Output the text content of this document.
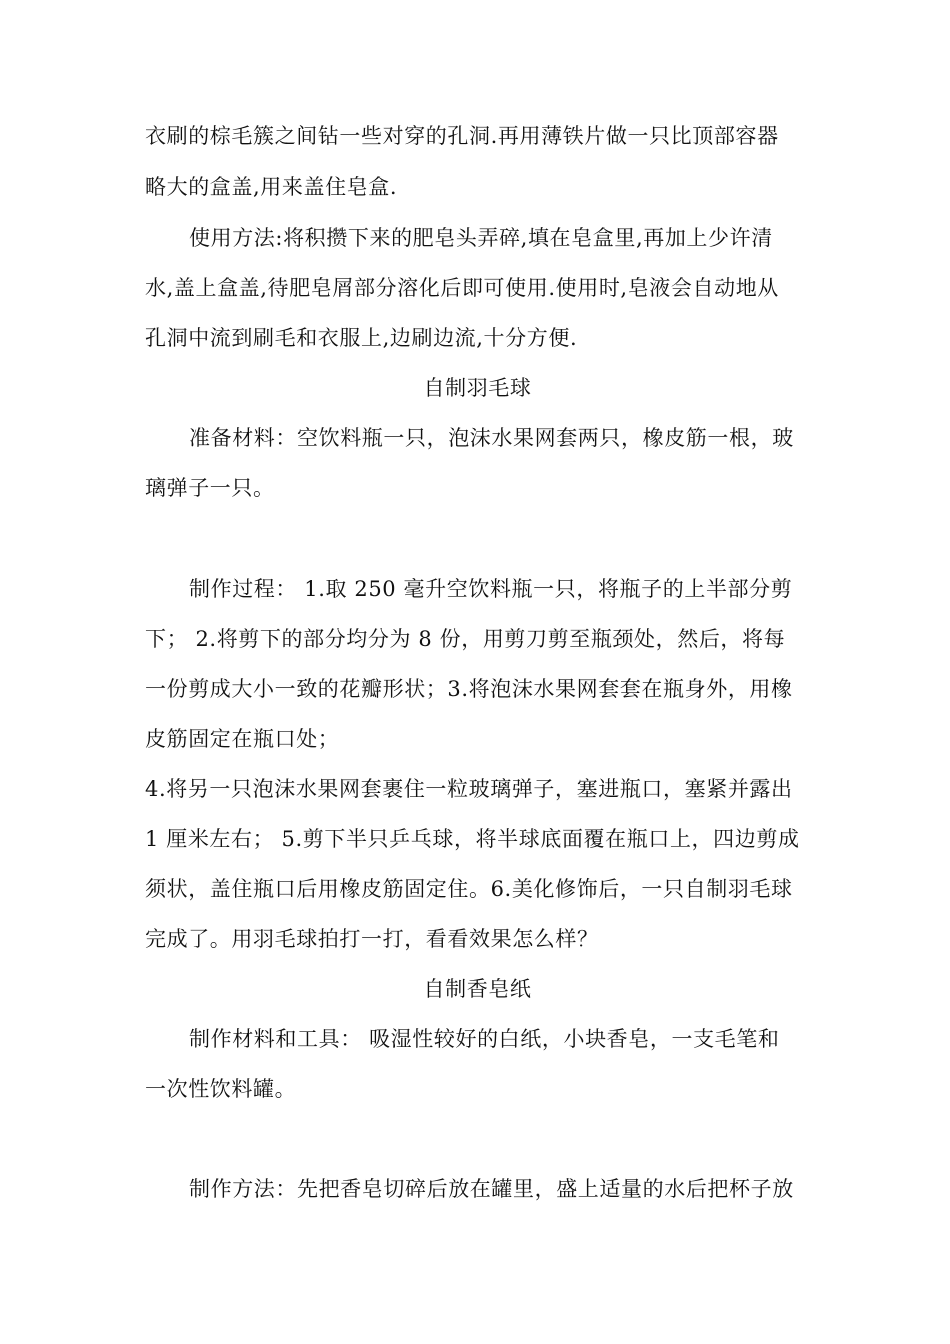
衣刷的棕毛簇之间钻一些对穿的孔洞.再用薄铁片做一只比顶部容器
略大的盒盖,用来盖住皂盒.
使用方法:将积攒下来的肥皂头弄碎,填在皂盒里,再加上少许清
水,盖上盒盖,待肥皂屑部分溶化后即可使用.使用时,皂液会自动地从
孔洞中流到刷毛和衣服上,边刷边流,十分方便.
自制羽毛球
准备材料：空饮料瓶一只，泡沫水果网套两只，橡皮筋一根，玻
璃弹子一只。
制作过程： 1.取 250 毫升空饮料瓶一只，将瓶子的上半部分剪
下； 2.将剪下的部分均分为 8 份，用剪刀剪至瓶颈处，然后，将每
一份剪成大小一致的花瓣形状；3.将泡沫水果网套套在瓶身外，用橡
皮筋固定在瓶口处；
4.将另一只泡沫水果网套裹住一粒玻璃弹子，塞进瓶口，塞紧并露出
1 厘米左右； 5.剪下半只乒乓球，将半球底面覆在瓶口上，四边剪成
须状，盖住瓶口后用橡皮筋固定住。6.美化修饰后，一只自制羽毛球
完成了。用羽毛球拍打一打，看看效果怎么样？
自制香皂纸
制作材料和工具： 吸湿性较好的白纸，小块香皂，一支毛笔和
一次性饮料罐。
制作方法：先把香皂切碎后放在罐里，盛上适量的水后把杯子放
